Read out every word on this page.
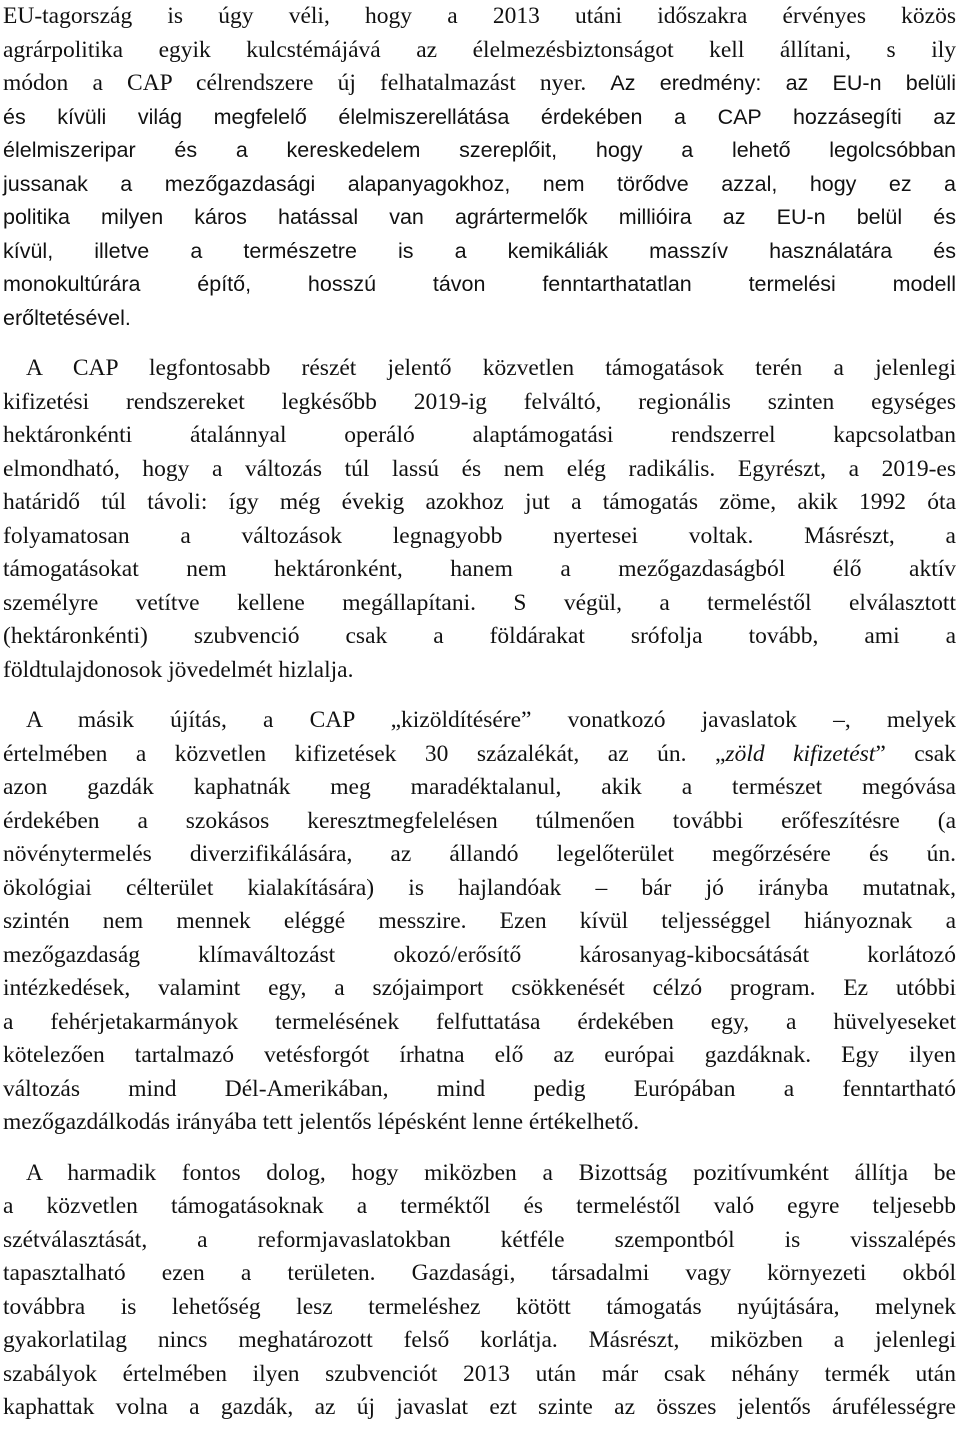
EU-tagország is úgy véli, hogy a 2013 utáni időszakra érvényes közös
agrárpolitika egyik kulcstémájává az élelmezésbiztonságot kell állítani, s ily
módon a CAP célrendszere új felhatalmazást nyer. Az eredmény: az EU-n belüli
és kívüli világ megfelelő élelmiszerellátása érdekében a CAP hozzásegíti az
élelmiszeripar és a kereskedelem szereplőit, hogy a lehető legolcsóbban
jussanak a mezőgazdasági alapanyagokhoz, nem törődve azzal, hogy ez a
politika milyen káros hatással van agrártermelők millióira az EU-n belül és
kívül, illetve a természetre is a kemikáliák masszív használatára és
monokultúrára építő, hosszú távon fenntarthatatlan termelési modell
erőltetésével.
A CAP legfontosabb részét jelentő közvetlen támogatások terén a jelenlegi
kifizetési rendszereket legkésőbb 2019-ig felváltó, regionális szinten egységes
hektáronkénti átalánnyal operáló alaptámogatási rendszerrel kapcsolatban
elmondható, hogy a változás túl lassú és nem elég radikális. Egyrészt, a 2019-es
határidő túl távoli: így még évekig azokhoz jut a támogatás zöme, akik 1992 óta
folyamatosan a változások legnagyobb nyertesei voltak. Másrészt, a
támogatásokat nem hektáronként, hanem a mezőgazdaságból élő aktív
személyre vetítve kellene megállapítani. S végül, a termeléstől elválasztott
(hektáronkénti) szubvenció csak a földárakat srófolja tovább, ami a
földtulajdonosok jövedelmét hizlalja.
A másik újítás, a CAP „kizöldítésére” vonatkozó javaslatok –, melyek
értelmében a közvetlen kifizetések 30 százalékát, az ún. „zöld kifizetést” csak
azon gazdák kaphatnák meg maradéktalanul, akik a természet megóvása
érdekében a szokásos keresztmegfelelésen túlmenően további erőfeszítésre (a
növénytermelés diverzifikálására, az állandó legelőterület megőrzésére és ún.
ökológiai célterület kialakítására) is hajlandóak – bár jó irányba mutatnak,
szintén nem mennek eléggé messzire. Ezen kívül teljességgel hiányoznak a
mezőgazdaság klímaváltozást okozó/erősítő károsanyag-kibocsátását korlátozó
intézkedések, valamint egy, a szójaimport csökkenését célzó program. Ez utóbbi
a fehérjetakarmányok termelésének felfuttatása érdekében egy, a hüvelyeseket
kötelezően tartalmazó vetésforgót írhatna elő az európai gazdáknak. Egy ilyen
változás mind Dél-Amerikában, mind pedig Európában a fenntartható
mezőgazdálkodás irányába tett jelentős lépésként lenne értékelhető.
A harmadik fontos dolog, hogy miközben a Bizottság pozitívumként állítja be
a közvetlen támogatásoknak a terméktől és termeléstől való egyre teljesebb
szétválasztását, a reformjavaslatokban kétféle szempontból is visszalépés
tapasztalható ezen a területen. Gazdasági, társadalmi vagy környezeti okból
továbbra is lehetőség lesz termeléshez kötött támogatás nyújtására, melynek
gyakorlatilag nincs meghatározott felső korlátja. Másrészt, miközben a jelenlegi
szabályok értelmében ilyen szubvenciót 2013 után már csak néhány termék után
kaphattak volna a gazdák, az új javaslat ezt szinte az összes jelentős árufélességre
